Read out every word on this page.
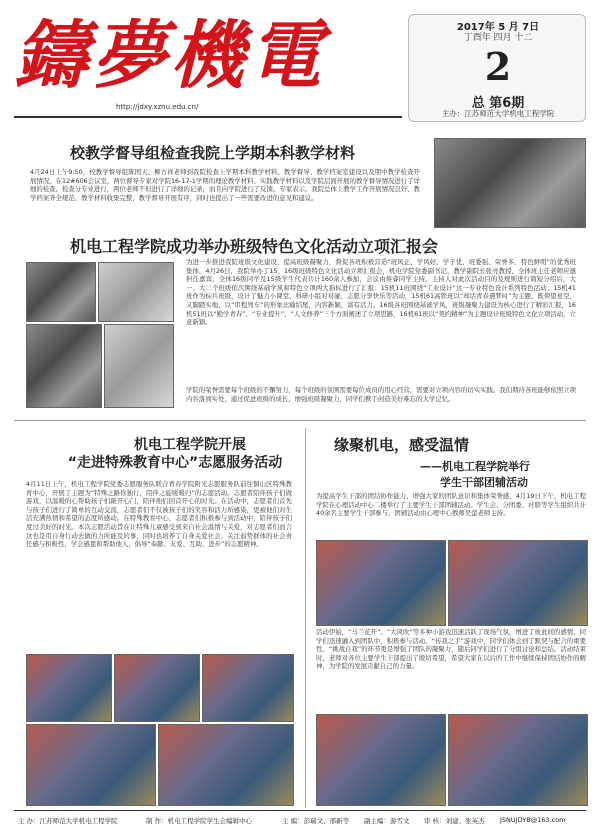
鑄夢機電
http://jdxy.xznu.edu.cn/
2017年 5 月 7日
丁酉年 四月 十二
2
总 第6期
主办：江苏师范大学机电工程学院
校教学督导组检查我院上学期本科教学材料
4月24日上午9:50，校教学督导组陈国天、柳方祥老师到我院检查上学期本科教学材料、教学督导、教学档案室建设以及期中教学检查开展情况。在12#606会议室，两位督导专家对学院16-17-1学期的理论教学材料、实践教学材料以及学院层面开展的教学督导情况进行了详细的检查。检查分专业进行，两位老师不但进行了详细的记录，而且向学院进行了反馈。专家表示，我院总体上教学工作开展情况良好、教学档案齐全规范、教学材料收集完整，教学督导开展有序，同时也提出了一些需要改进的意见和建议。
机电工程学院成功举办班级特色文化活动立项汇报会
为进一步推进我院班级文化建设，提高班级凝聚力，督促各班积极营造“班风正、学风好、学子优、班委强、荣誉多、特色鲜明”的优秀班集体，4月26日，我院举办了15、16级班级特色文化活动立项汇报会，机电学院党委副书记、教学副院长张亮教授、全体班主任老师应邀担任嘉宾，全体16级同学及15级学生代表共计160余人参加，会议由蔡睿同学主持。主持人对此次活动目的及规则进行简短分绍后，大一、大二个班级依次围绕基础学风和特色立项两大指标进行了汇报：15机11班围绕“工业设计”这一专业特色设计系列特色活动；15机41班作为标兵班级，设计了魅力小课堂、科研小组对对碰、志愿分享快乐等活动，15机61高铁班以“却话青春遇梦时”为主题，既仰望星空，又脚踏实地，以“串程列车”的形象比喻结尾，内容新颖，富有活力。16级各班围绕基础学风，班级凝聚力建设为核心进行了精彩汇报，16机51班以“勤学青春”、“专业提升”、“人文修养”三个方面阐述了立项思路，16机61班以“契约精神”为主题设计班级特色文化立项活动，立意新颖。
学院的荣誉需要每个班级的不懈努力，每个班级的氛围需要每位成员的用心经营，需要对立项内容的切实实践。我们期待各班能够依照立项内容落到实处，通过促进班级的成长，增强班级凝聚力，同学们携手创造美好难忘的大学记忆。
机电工程学院开展
“走进特殊教育中心”志愿服务活动
4月11日上午，机电工程学院党委志愿服务队联合青春学院附光志愿服务队前往铜山区特殊教育中心，开展了主题为“特殊之路你独行，陪伴之旋暖暖归”的志愿活动。志愿者陪伴孩子们做游戏，以温暖的心帮助孩子们敲开心门，陪伴他们回首开心的时光。在活动中，志愿者们首先与孩子们进行了简单的互动交流，志愿者们不仅被孩子们的笑容和活力所感染，更被他们对生活充满热情和希望的态度所感动。在特殊教育中心，志愿者们积极参与到活动中，陪伴孩子们度过美好的时光。本次志愿活动旨在让特殊儿童感受到来自社会温情与关爱，对志愿者们而言这也是用自身行动去做的力所能及的事，同时也培养了自身关爱社会、关注弱势群体的社会责任感与积极性，学会感恩和帮助他人，倡导“奉献、友爱、互助、进步”的志愿精神。
缘聚机电，感受温情
——机电工程学院举行
学生干部团辅活动
为提高学生干部的团结协作能力，增强大家的团队意识和集体荣誉感，4月19日下午，机电工程学院在心理活动中心二楼举行了主要学生干部团辅活动。学生会、分团委、社联等学生组织共计40余名主要学生干部参与，团辅活动由心理中心教师吴萤老师主持。
活动伊始，“马兰花开”、“大风吹”等多种小游戏迅速活跃了现场气氛，增进了彼此间的感情。同学们迅速融入到团队中，积极参与活动。“传我之手”游戏中，同学们体会到了默契与配合的重要性。“挑战自我”的环节更是增强了团队的凝聚力，随后同学们进行了分组讨论和总结。活动结束时，老师对各位主要学生干部提出了殷切希望，希望大家在以后的工作中继续保持团结协作的精神，为学院的发展贡献自己的力量。
主 办：江苏师范大学机电工程学院	制 作：机电工程学院学生会编辑中心	主 编：彭瑞文、邢新等 副主编：游雪文 审 核：刘建、张英杰 JSNUJDYB@163.com
